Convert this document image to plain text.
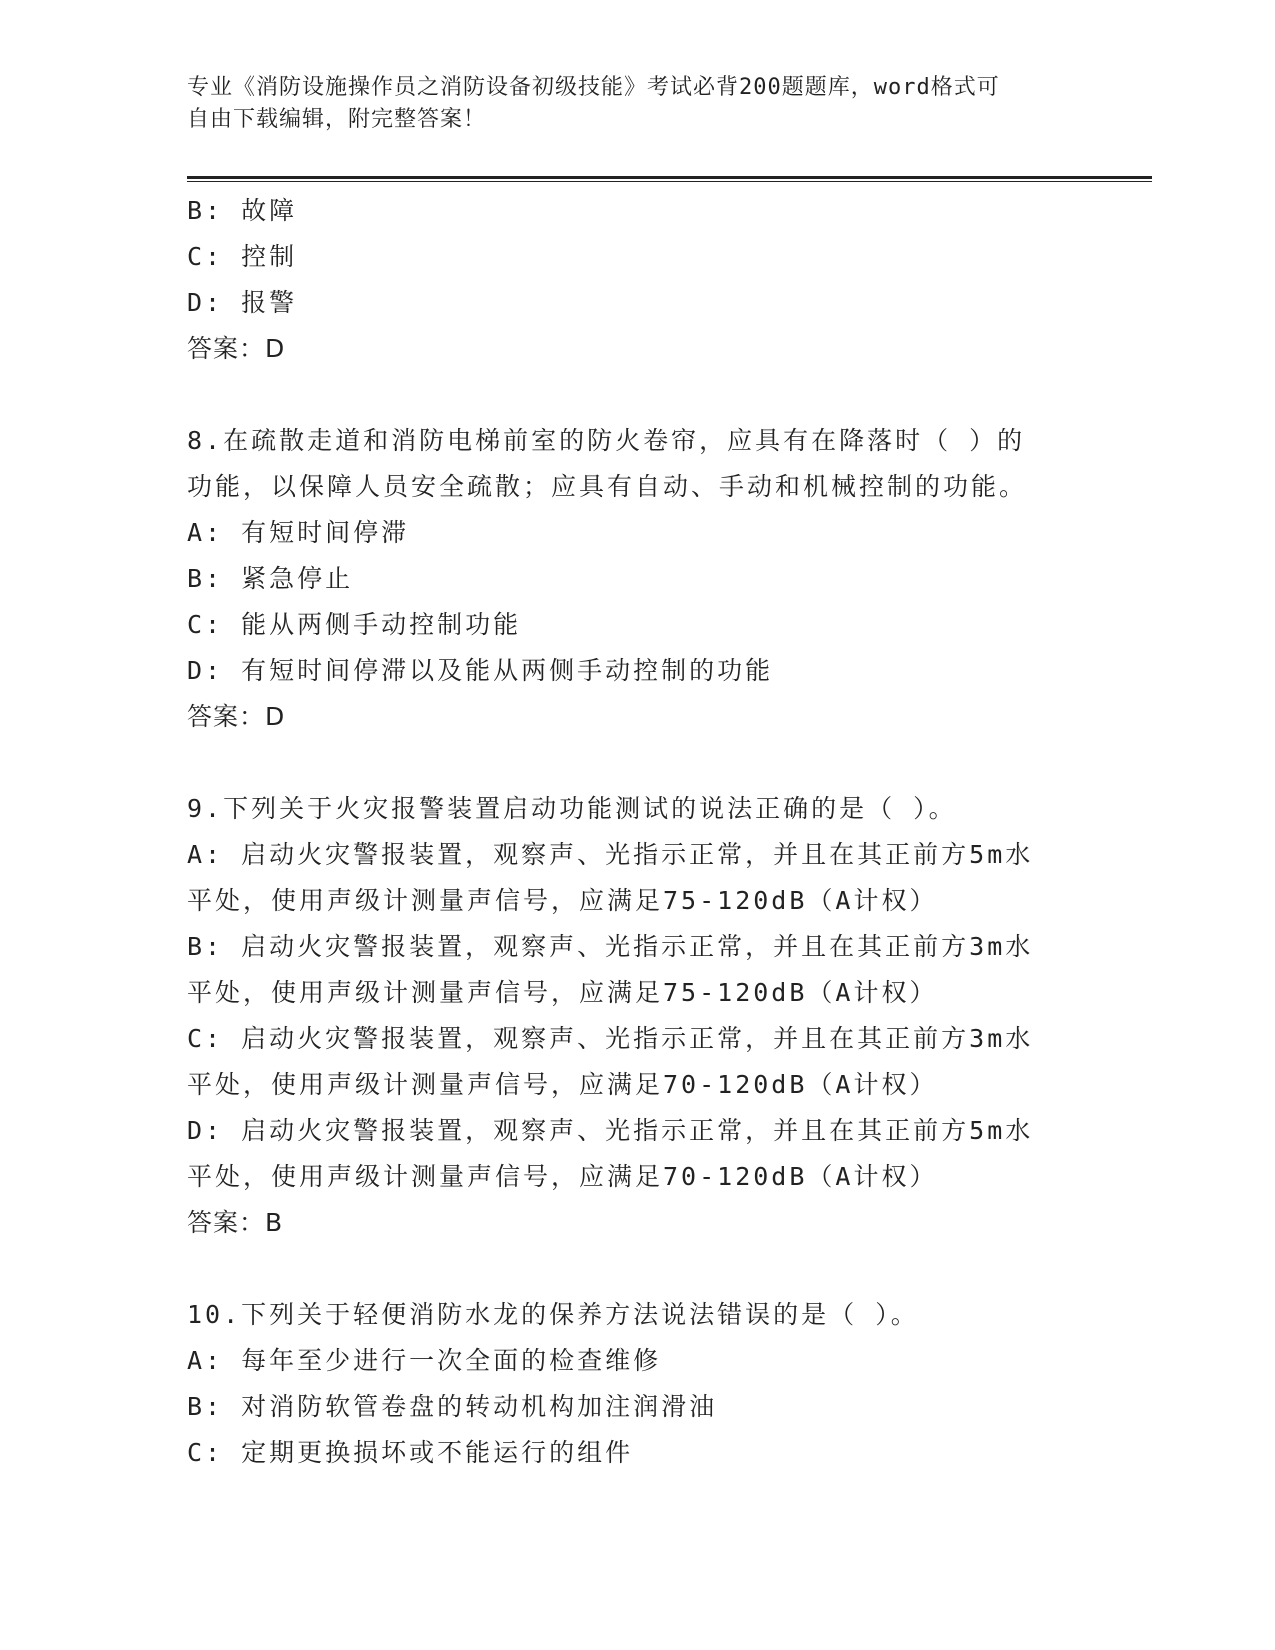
专业《消防设施操作员之消防设备初级技能》考试必背200题题库，word格式可
自由下载编辑，附完整答案！
B: 故障
C: 控制
D: 报警
答案：D
8.在疏散走道和消防电梯前室的防火卷帘，应具有在降落时（ ）的
功能，以保障人员安全疏散；应具有自动、手动和机械控制的功能。
A: 有短时间停滞
B: 紧急停止
C: 能从两侧手动控制功能
D: 有短时间停滞以及能从两侧手动控制的功能
答案：D
9.下列关于火灾报警装置启动功能测试的说法正确的是（ ）。
A: 启动火灾警报装置，观察声、光指示正常，并且在其正前方5m水
平处，使用声级计测量声信号，应满足75-120dB（A计权）
B: 启动火灾警报装置，观察声、光指示正常，并且在其正前方3m水
平处，使用声级计测量声信号，应满足75-120dB（A计权）
C: 启动火灾警报装置，观察声、光指示正常，并且在其正前方3m水
平处，使用声级计测量声信号，应满足70-120dB（A计权）
D: 启动火灾警报装置，观察声、光指示正常，并且在其正前方5m水
平处，使用声级计测量声信号，应满足70-120dB（A计权）
答案：B
10.下列关于轻便消防水龙的保养方法说法错误的是（ ）。
A: 每年至少进行一次全面的检查维修
B: 对消防软管卷盘的转动机构加注润滑油
C: 定期更换损坏或不能运行的组件
